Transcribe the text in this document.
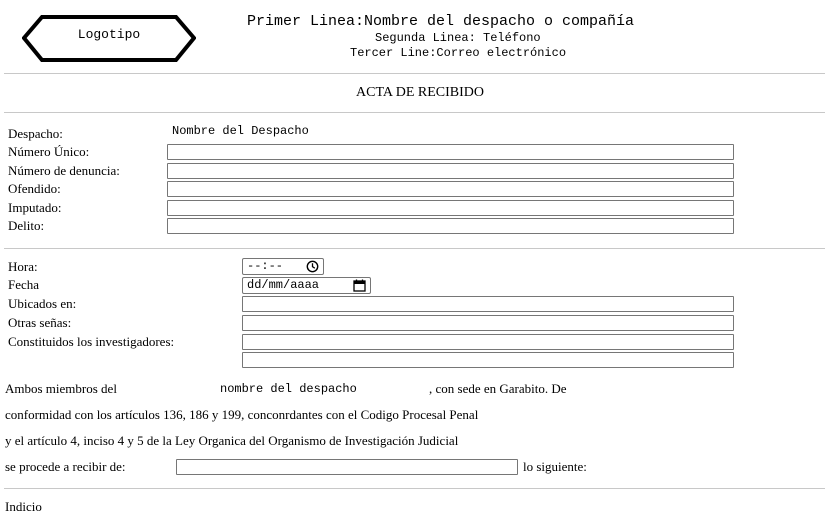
Logotipo
Primer Linea:Nombre del despacho o compañía
Segunda Linea: Teléfono
Tercer Line:Correo electrónico
ACTA DE RECIBIDO
Despacho:	Nombre del Despacho
Número Único:
Número de denuncia:
Ofendido:
Imputado:
Delito:
Hora:	--:--
Fecha	dd/mm/aaaa
Ubicados en:
Otras señas:
Constituidos los investigadores:
Ambos miembros del	nombre del despacho	, con sede en Garabito. De
conformidad con los artículos 136, 186 y 199, conconrdantes con el Codigo Procesal Penal
y el artículo 4, inciso 4 y 5 de la Ley Organica del Organismo de Investigación Judicial
se procede a recibir de:	lo siguiente:
Indicio
